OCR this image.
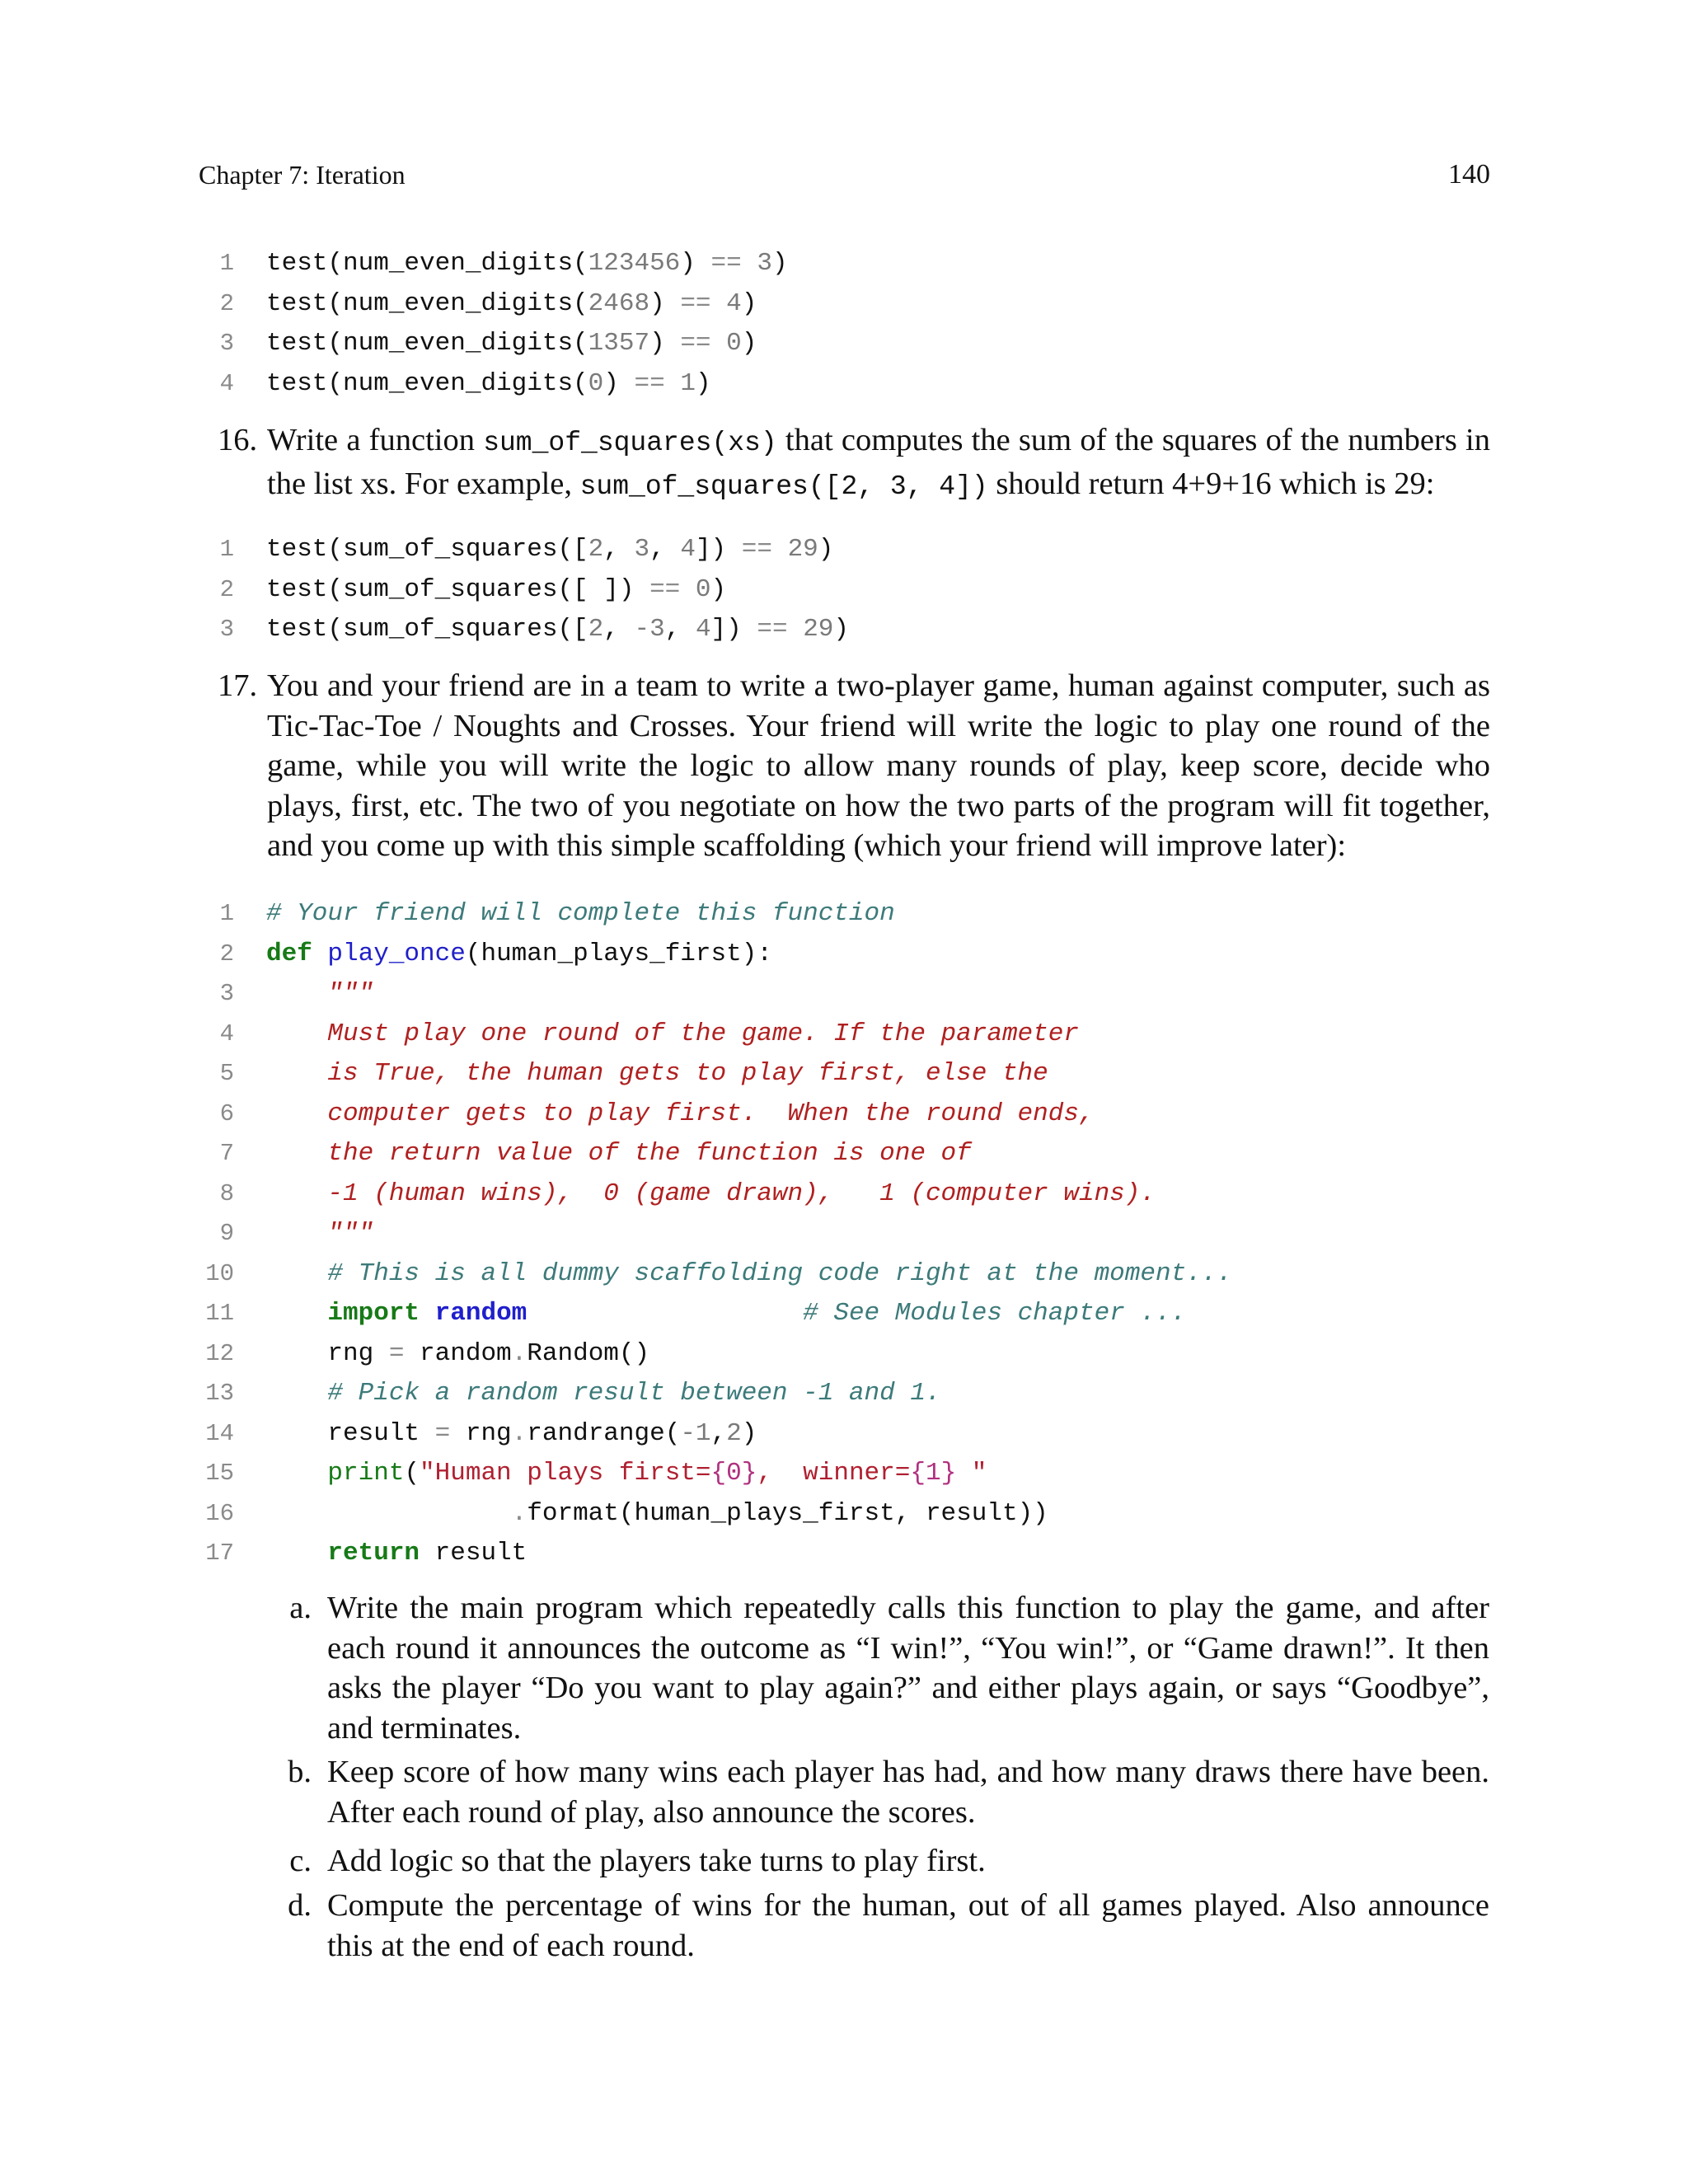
Chapter 7: Iteration	140
1 test(num_even_digits(123456) == 3)
2 test(num_even_digits(2468) == 4)
3 test(num_even_digits(1357) == 0)
4 test(num_even_digits(0) == 1)
16. Write a function sum_of_squares(xs) that computes the sum of the squares of the numbers in the list xs. For example, sum_of_squares([2, 3, 4]) should return 4+9+16 which is 29:
1 test(sum_of_squares([2, 3, 4]) == 29)
2 test(sum_of_squares([ ]) == 0)
3 test(sum_of_squares([2, -3, 4]) == 29)
17. You and your friend are in a team to write a two-player game, human against computer, such as Tic-Tac-Toe / Noughts and Crosses. Your friend will write the logic to play one round of the game, while you will write the logic to allow many rounds of play, keep score, decide who plays, first, etc. The two of you negotiate on how the two parts of the program will fit together, and you come up with this simple scaffolding (which your friend will improve later):
1 # Your friend will complete this function
2 def play_once(human_plays_first):
3	"""
4	Must play one round of the game. If the parameter
5	is True, the human gets to play first, else the
6	computer gets to play first.  When the round ends,
7	the return value of the function is one of
8	-1 (human wins),  0 (game drawn),   1 (computer wins).
9	"""
10	# This is all dummy scaffolding code right at the moment...
11	import random	# See Modules chapter ...
12 rng = random.Random()
13	# Pick a random result between -1 and 1.
14 result = rng.randrange(-1,2)
15	print("Human plays first={0},  winner={1} "
16	.format(human_plays_first, result))
17	return result
a. Write the main program which repeatedly calls this function to play the game, and after each round it announces the outcome as “I win!”, “You win!”, or “Game drawn!”. It then asks the player “Do you want to play again?” and either plays again, or says “Goodbye”, and terminates.
b. Keep score of how many wins each player has had, and how many draws there have been. After each round of play, also announce the scores.
c. Add logic so that the players take turns to play first.
d. Compute the percentage of wins for the human, out of all games played. Also announce this at the end of each round.
